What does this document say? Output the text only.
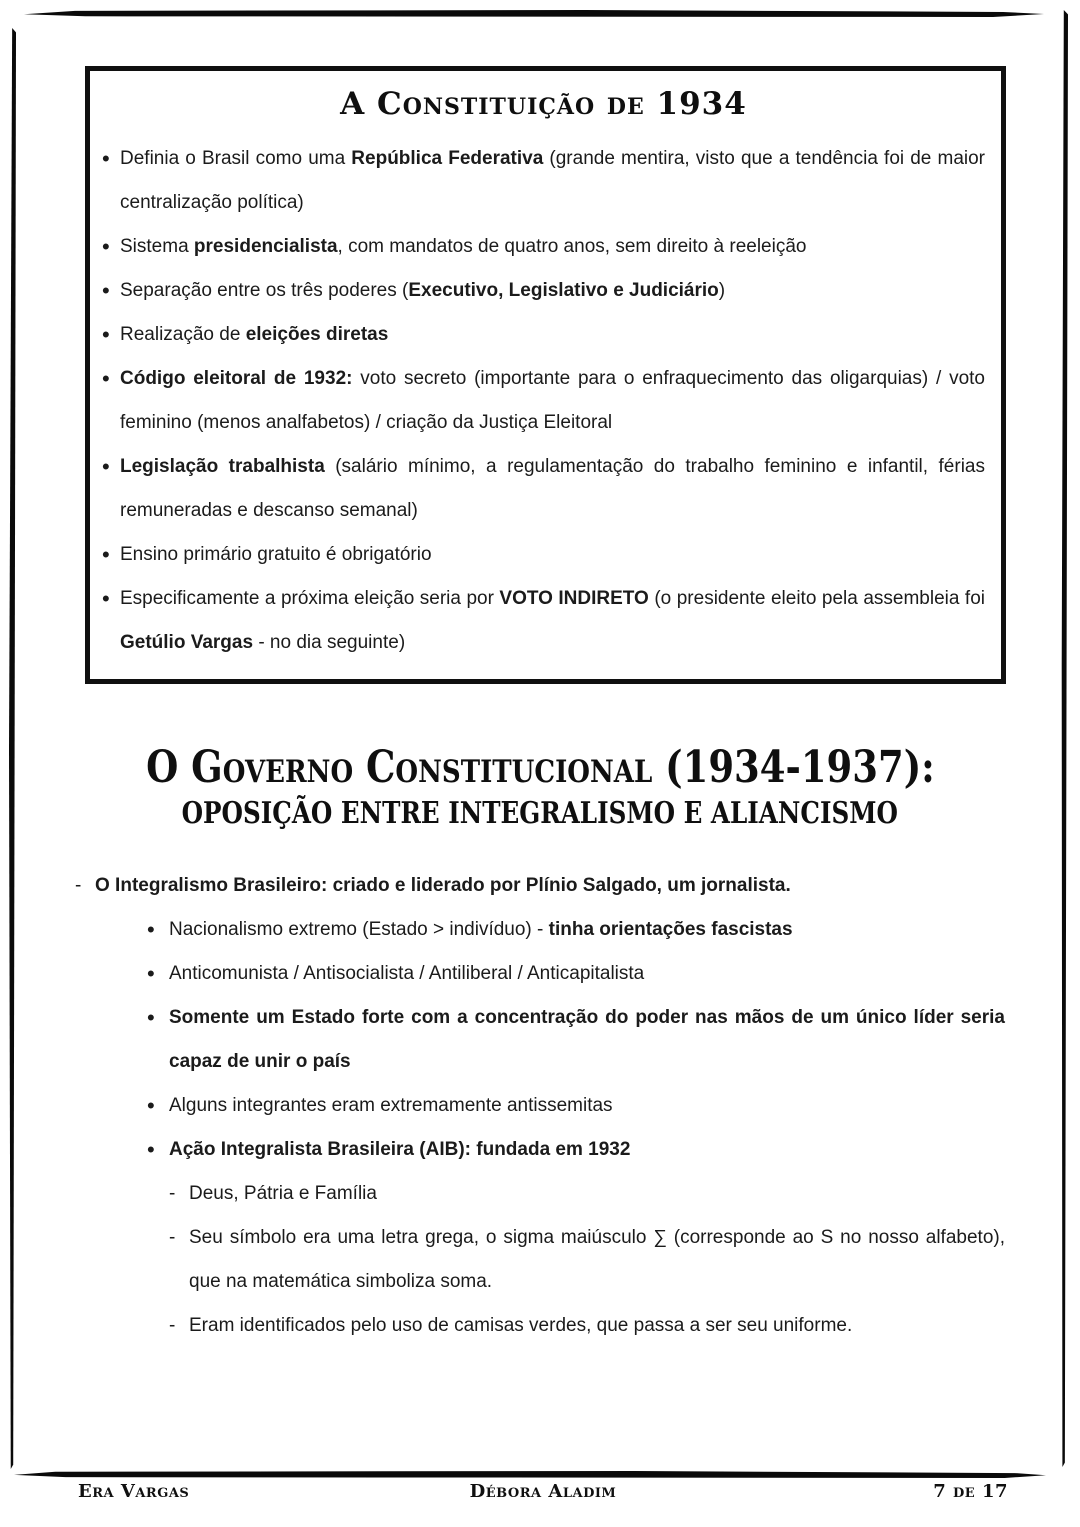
A Constituição de 1934
• Definia o Brasil como uma República Federativa (grande mentira, visto que a tendência foi de maior centralização política)
• Sistema presidencialista, com mandatos de quatro anos, sem direito à reeleição
• Separação entre os três poderes (Executivo, Legislativo e Judiciário)
• Realização de eleições diretas
• Código eleitoral de 1932: voto secreto (importante para o enfraquecimento das oligarquias) / voto feminino (menos analfabetos) / criação da Justiça Eleitoral
• Legislação trabalhista (salário mínimo, a regulamentação do trabalho feminino e infantil, férias remuneradas e descanso semanal)
• Ensino primário gratuito é obrigatório
• Especificamente a próxima eleição seria por VOTO INDIRETO (o presidente eleito pela assembleia foi Getúlio Vargas - no dia seguinte)
O Governo Constitucional (1934-1937):
OPOSIÇÃO ENTRE INTEGRALISMO E ALIANCISMO
- O Integralismo Brasileiro: criado e liderado por Plínio Salgado, um jornalista.
• Nacionalismo extremo (Estado > indivíduo) - tinha orientações fascistas
• Anticomunista / Antisocialista / Antiliberal / Anticapitalista
• Somente um Estado forte com a concentração do poder nas mãos de um único líder seria capaz de unir o país
• Alguns integrantes eram extremamente antissemitas
• Ação Integralista Brasileira (AIB): fundada em 1932
- Deus, Pátria e Família
- Seu símbolo era uma letra grega, o sigma maiúsculo ∑ (corresponde ao S no nosso alfabeto), que na matemática simboliza soma.
- Eram identificados pelo uso de camisas verdes, que passa a ser seu uniforme.
Era Vargas	Débora Aladim	7 de 17
